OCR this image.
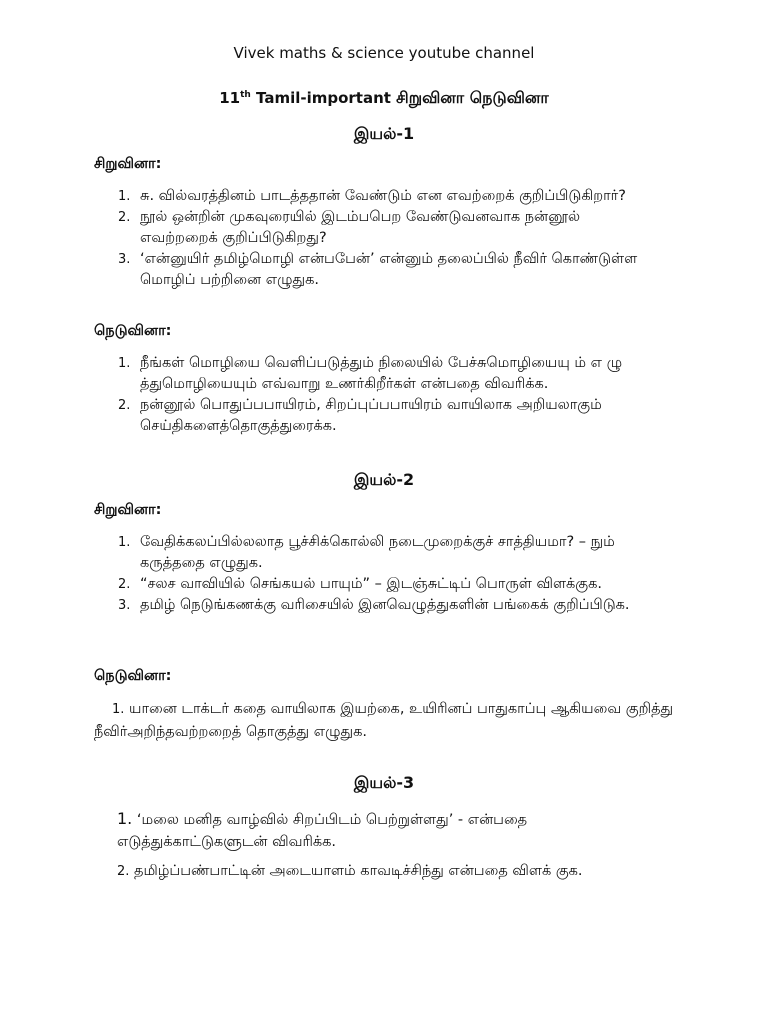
Vivek maths & science youtube channel
11th Tamil-important சிறுவினா நெடுவினா
இயல்-1
சிறுவினா:
1. சு. வில்வரத்தினம் பாடத்ததான் வேண்டும் என எவற்றைக் குறிப்பிடுகிறார்?
2. நூல் ஒன்றின் முகவுரையில் இடம்பபெற வேண்டுவனவாக நன்னூல் எவற்றறைக் குறிப்பிடுகிறது?
3. ‘என்னுயிர் தமிழ்மொழி என்பபேன்’ என்னும் தலைப்பில் நீவிர் கொண்டுள்ள மொழிப் பற்றினை எழுதுக.
நெடுவினா:
1. நீங்கள் மொழியை வெளிப்படுத்தும் நிலையில் பேச்சுமொழியையு ம் எ ழு த்துமொழியையும் எவ்வாறு உணர்கிறீர்கள் என்பதை விவரிக்க.
2. நன்னூல் பொதுப்பபாயிரம், சிறப்புப்பபாயிரம் வாயிலாக அறியலாகும் செய்திகளைத்தொகுத்துரைக்க.
இயல்-2
சிறுவினா:
1. வேதிக்கலப்பில்லலாத பூச்சிக்கொல்லி நடைமுறைக்குச் சாத்தியமா? – நும் கருத்ததை எழுதுக.
2. “சலச வாவியில் செங்கயல் பாயும்” – இடஞ்சுட்டிப் பொருள் விளக்குக.
3. தமிழ் நெடுங்கணக்கு வரிசையில் இனவெழுத்துகளின் பங்கைக் குறிப்பிடுக.
நெடுவினா:
1. யானை டாக்டர் கதை வாயிலாக இயற்கை, உயிரினப் பாதுகாப்பு ஆகியவை குறித்து நீவிர்அறிந்தவற்றறைத் தொகுத்து எழுதுக.
இயல்-3
1. ‘மலை மனித வாழ்வில் சிறப்பிடம் பெற்றுள்ளது’ - என்பதை எடுத்துக்காட்டுகளுடன் விவரிக்க.
2. தமிழ்ப்பண்பாட்டின் அடையாளம் காவடிச்சிந்து என்பதை விளக் குக.
